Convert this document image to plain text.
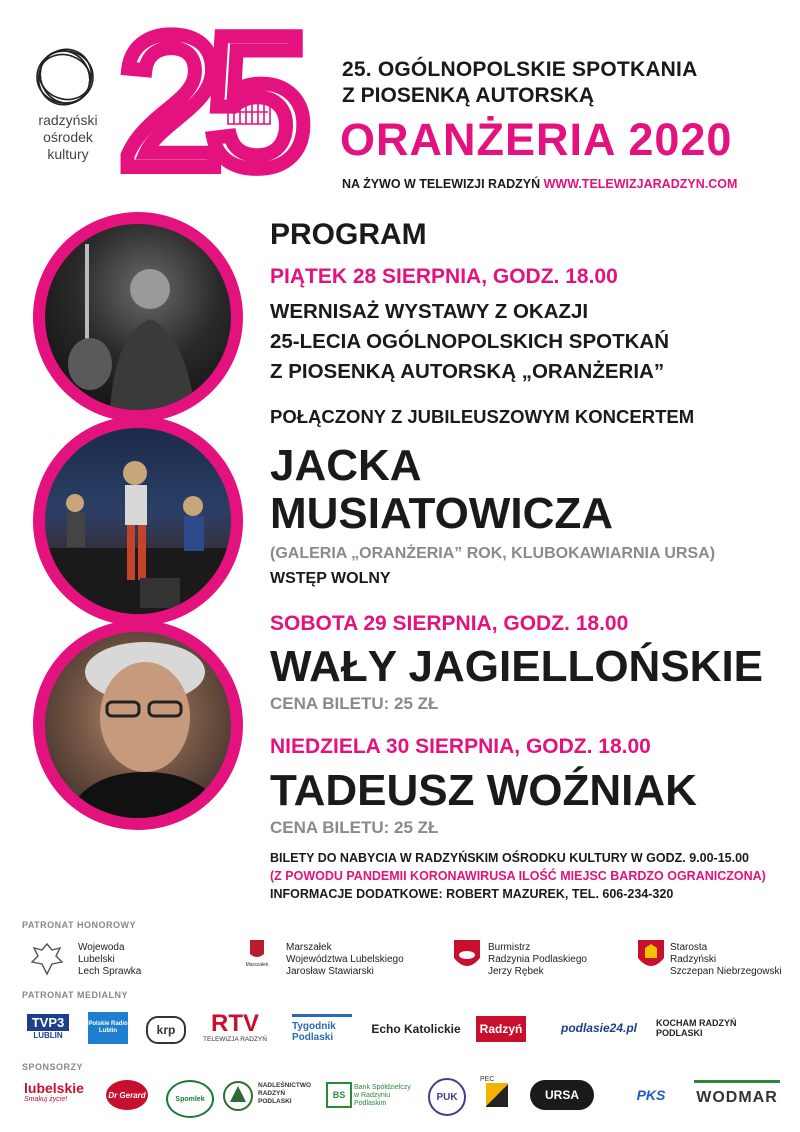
radzyński
ośrodek
kultury 25 25. OGÓLNOPOLSKIE SPOTKANIA
Z PIOSENKĄ AUTORSKĄ
ORANŻERIA 2020
NA ŻYWO W TELEWIZJI RADZYŃ WWW.TELEWIZJARADZYN.COM
PROGRAM
PIĄTEK 28 SIERPNIA, GODZ. 18.00
WERNISAŻ WYSTAWY Z OKAZJI
25-LECIA OGÓLNOPOLSKICH SPOTKAŃ
Z PIOSENKĄ AUTORSKĄ „ORANŻERIA”
POŁĄCZONY Z JUBILEUSZOWYM KONCERTEM
JACKA
MUSIATOWICZA
(GALERIA „ORANŻERIA” ROK, KLUBOKAWIARNIA URSA)
WSTĘP WOLNY
SOBOTA 29 SIERPNIA, GODZ. 18.00
WAŁY JAGIELLOŃSKIE
CENA BILETU: 25 ZŁ
NIEDZIELA 30 SIERPNIA, GODZ. 18.00
TADEUSZ WOŹNIAK
CENA BILETU: 25 ZŁ
BILETY DO NABYCIA W RADZYŃSKIM OŚRODKU KULTURY W GODZ. 9.00-15.00
(Z POWODU PANDEMII KORONAWIRUSA ILOŚĆ MIEJSC BARDZO OGRANICZONA)
INFORMACJE DODATKOWE: ROBERT MAZUREK, TEL. 606-234-320
PATRONAT HONOROWY
Wojewoda
Lubelski
Lech Sprawka
Marszałek
Marszałek
Województwa Lubelskiego
Jarosław Stawiarski
Burmistrz
Radzynia Podlaskiego
Jerzy Rębek
Starosta
Radzyński
Szczepan Niebrzegowski
PATRONAT MEDIALNY
TVP3
LUBLIN
Polskie Radio Lublin	krp	RTV
TELEWIZJA RADZYŃ
Tygodnik Podlaski
Echo Katolickie	Radzyń	podlasie24.pl	KOCHAM RADZYŃ PODLASKI
SPONSORZY
lubelskie
Smakuj życie!	Dr Gerard	Spomlek
NADLEŚNICTWO RADZYŃ PODLASKI
BS
Bank Spółdzielczy w Radzyniu Podlaskim
PUK
PEC
URSA	PKS	WODMAR
